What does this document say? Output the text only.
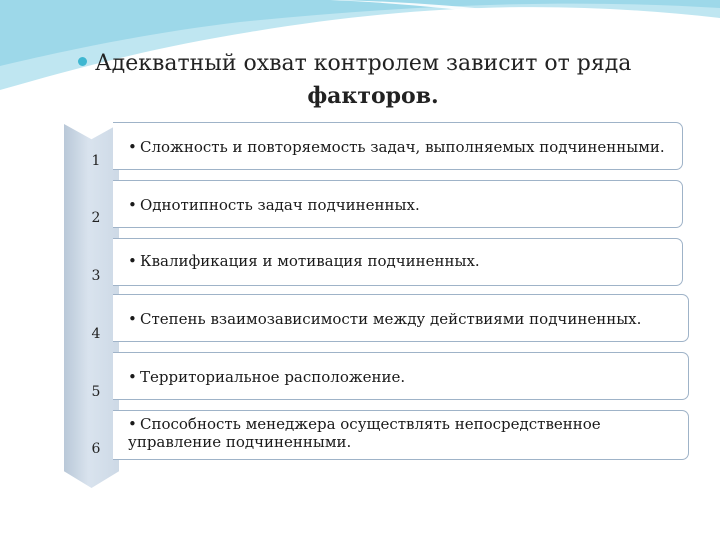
Адекватный охват контролем зависит от ряда
факторов.
1
• Сложность и повторяемость задач, выполняемых подчиненными.
2
• Однотипность задач подчиненных.
3
• Квалификация и мотивация подчиненных.
4
• Степень взаимозависимости между действиями подчиненных.
5
• Территориальное расположение.
6
• Способность менеджера осуществлять непосредственное управление подчиненными.
